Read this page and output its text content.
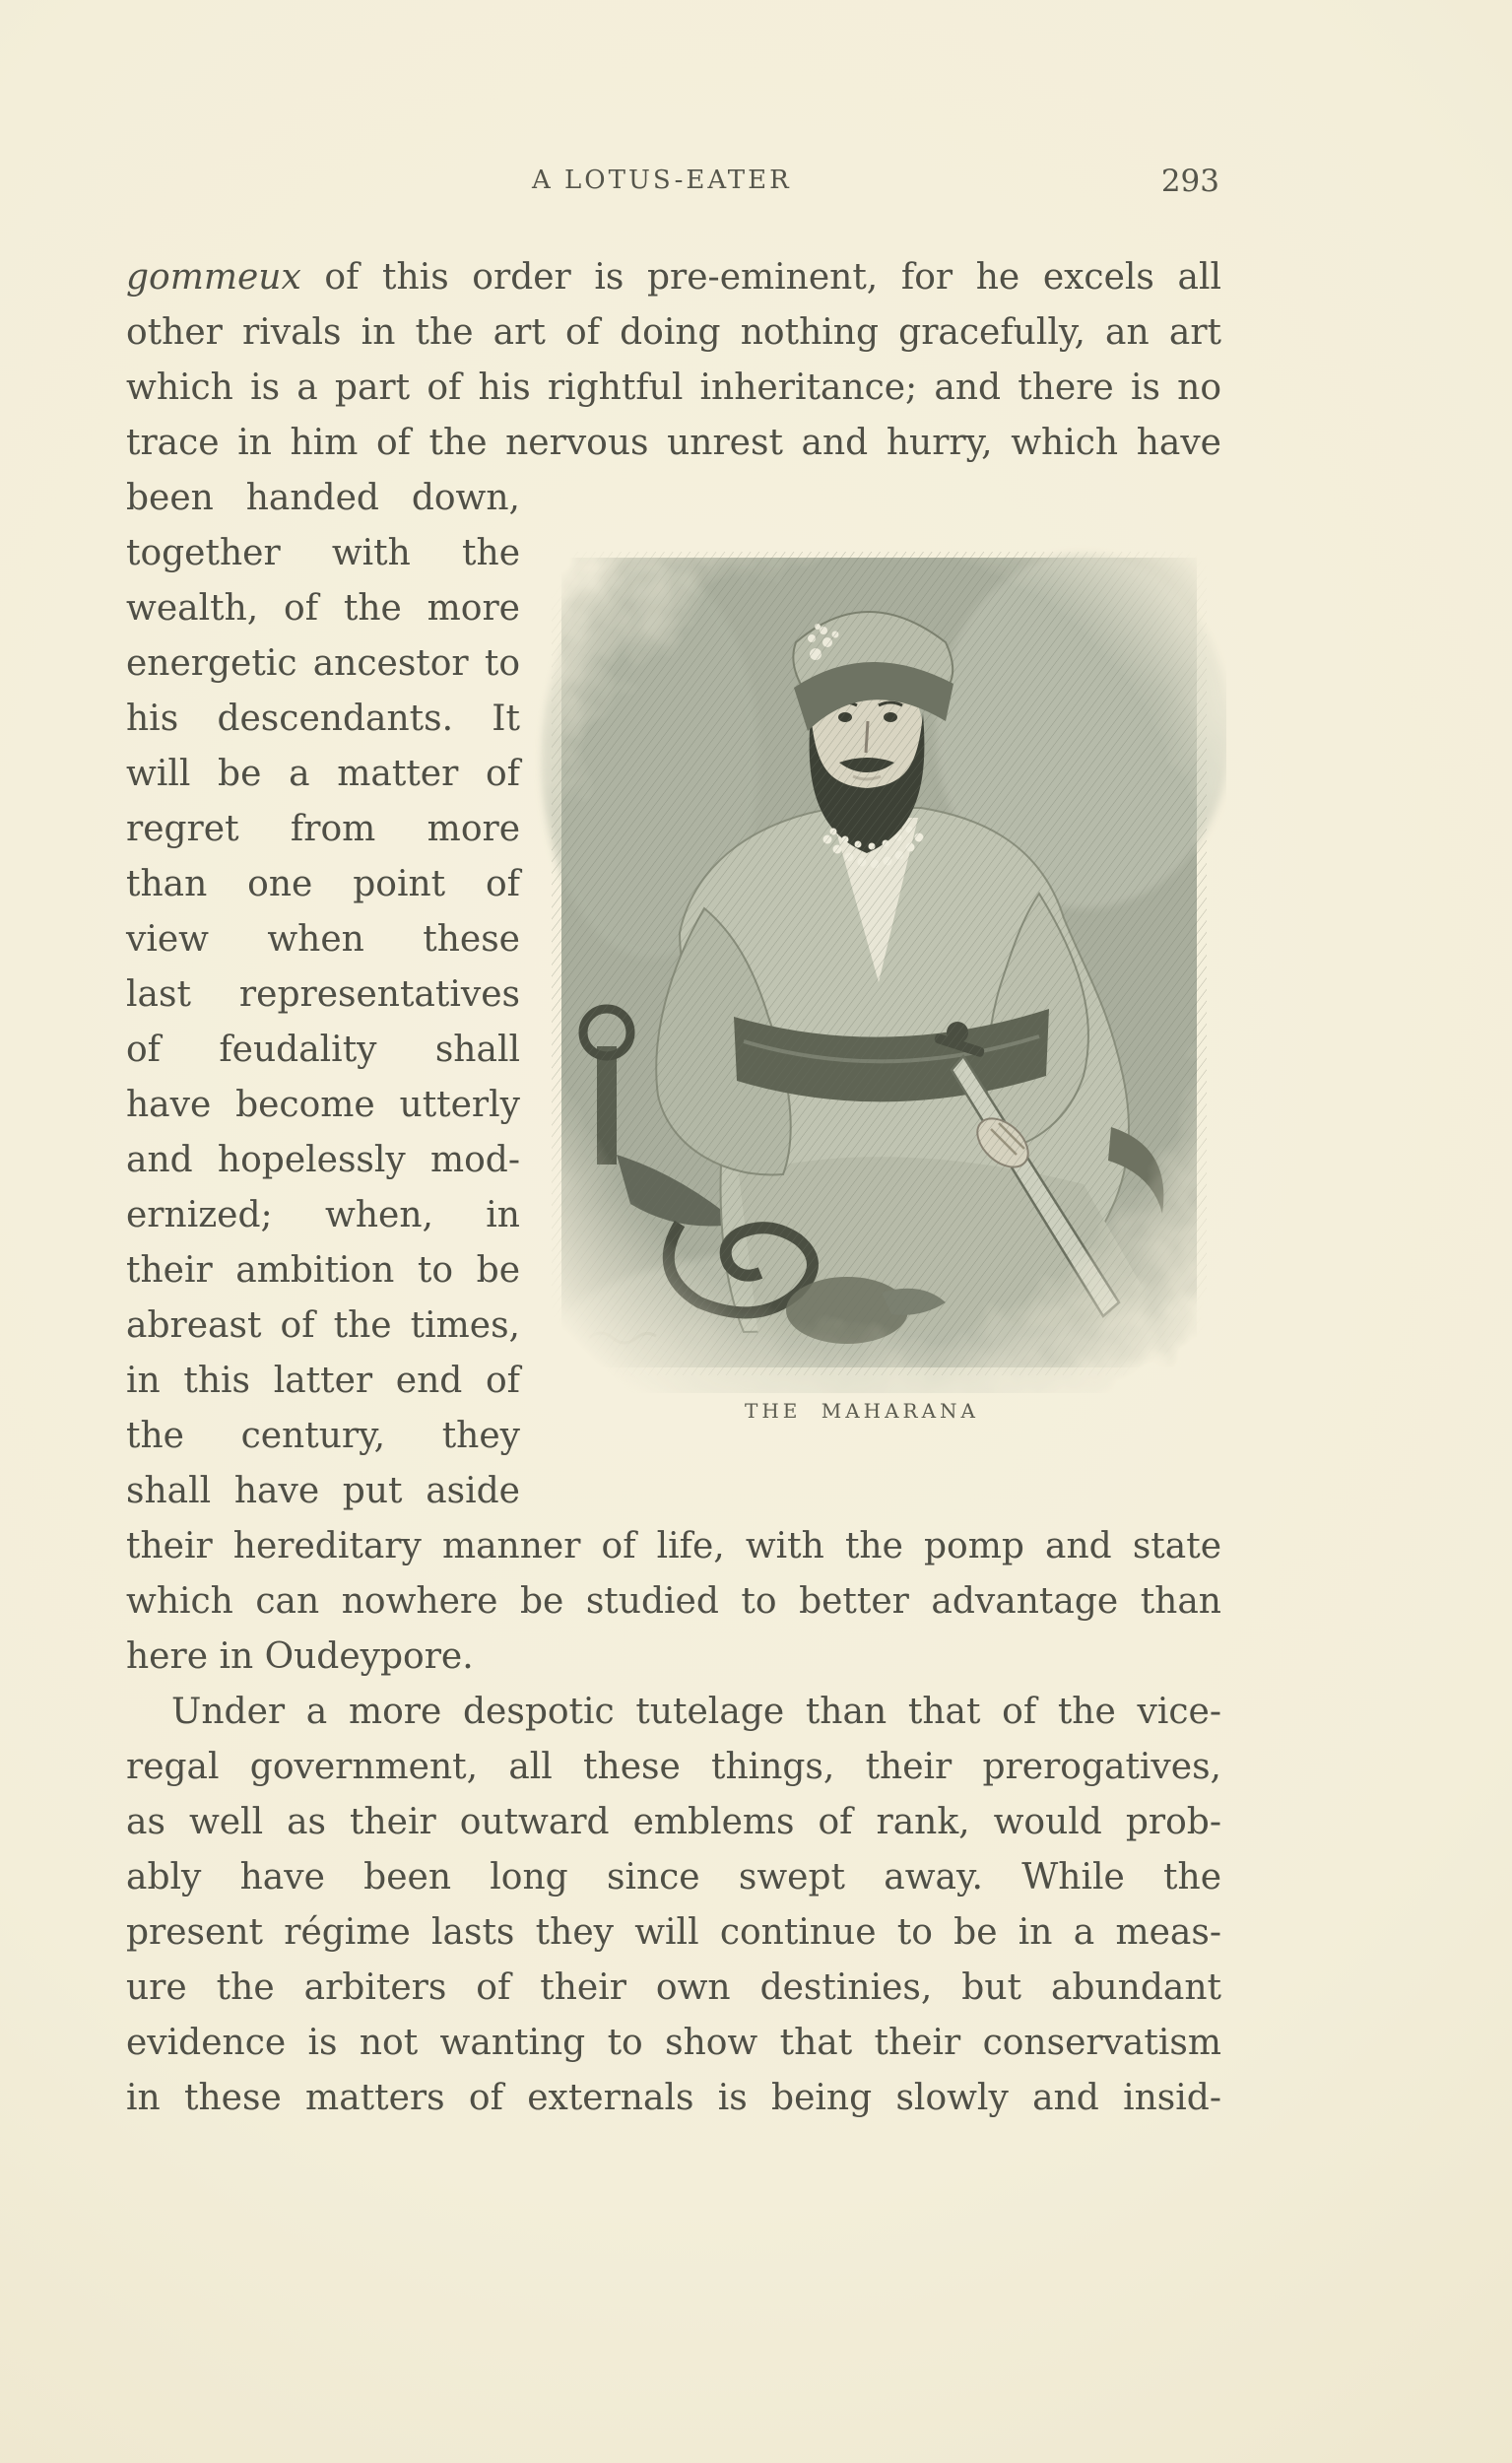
A LOTUS-EATER	293
gommeux of this order is pre-eminent, for he excels all
other rivals in the art of doing nothing gracefully, an art
which is a part of his rightful inheritance; and there is no
trace in him of the nervous unrest and hurry, which have
been handed down,
together with the
wealth, of the more
energetic ancestor to
his descendants. It
will be a matter of
regret from more
than one point of
view when these
last representatives
of feudality shall
have become utterly
and hopelessly mod-
ernized; when, in
their ambition to be
abreast of the times,
in this latter end of
the century, they
shall have put aside
their hereditary manner of life, with the pomp and state
which can nowhere be studied to better advantage than
here in Oudeypore.
Under a more despotic tutelage than that of the vice-
regal government, all these things, their prerogatives,
as well as their outward emblems of rank, would prob-
ably have been long since swept away. While the
present régime lasts they will continue to be in a meas-
ure the arbiters of their own destinies, but abundant
evidence is not wanting to show that their conservatism
in these matters of externals is being slowly and insid-
THE MAHARANA
